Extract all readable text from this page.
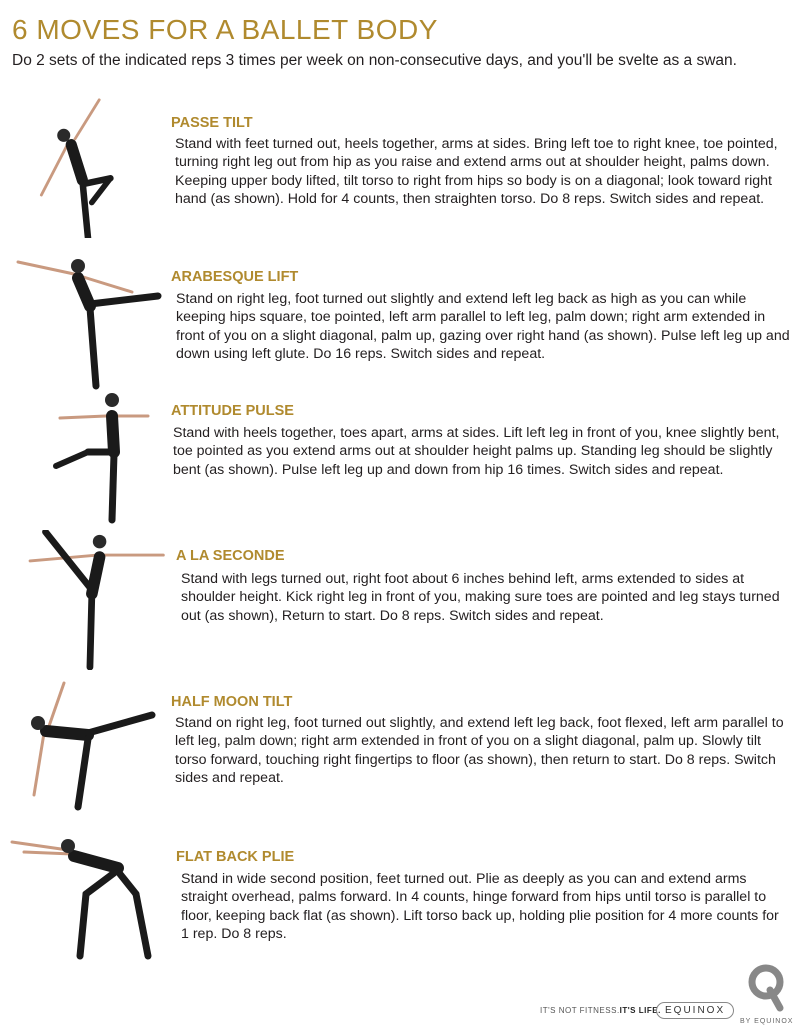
6 MOVES FOR A BALLET BODY
Do 2 sets of the indicated reps 3 times per week on non-consecutive days, and you'll be svelte as a swan.
PASSE TILT

Stand with feet turned out, heels together, arms at sides. Bring left toe to right knee, toe pointed, turning right leg out from hip as you raise and extend arms out at shoulder height, palms down. Keeping upper body lifted, tilt torso to right from hips so body is on a diagonal; look toward right hand (as shown). Hold for 4 counts, then straighten torso. Do 8 reps. Switch sides and repeat.

ARABESQUE LIFT

Stand on right leg, foot turned out slightly and extend left leg back as high as you can while keeping hips square, toe pointed, left arm parallel to left leg, palm down; right arm extended in front of you on a slight diagonal, palm up, gazing over right hand (as shown). Pulse left leg up and down using left glute. Do 16 reps. Switch sides and repeat.

ATTITUDE PULSE

Stand with heels together, toes apart, arms at sides. Lift left leg in front of you, knee slightly bent, toe pointed as you extend arms out at shoulder height palms up. Standing leg should be slightly bent (as shown). Pulse left leg up and down from hip 16 times. Switch sides and repeat.

A LA SECONDE

Stand with legs turned out, right foot about 6 inches behind left, arms extended to sides at shoulder height. Kick right leg in front of you, making sure toes are pointed and leg stays turned out (as shown), Return to start. Do 8 reps. Switch sides and repeat.

HALF MOON TILT

Stand on right leg, foot turned out slightly, and extend left leg back, foot flexed, left arm parallel to left leg, palm down; right arm extended in front of you on a slight diagonal, palm up. Slowly tilt torso forward, touching right fingertips to floor (as shown), then return to start. Do 8 reps. Switch sides and repeat.

FLAT BACK PLIE

Stand in wide second position, feet turned out. Plie as deeply as you can and extend arms straight overhead, palms forward. In 4 counts, hinge forward from hips until torso is parallel to floor, keeping back flat (as shown). Lift torso back up, holding plie position for 4 more counts for 1 rep. Do 8 reps.

IT'S NOT FITNESS.IT'S LIFE. EQUINOX
BY EQUINOX
